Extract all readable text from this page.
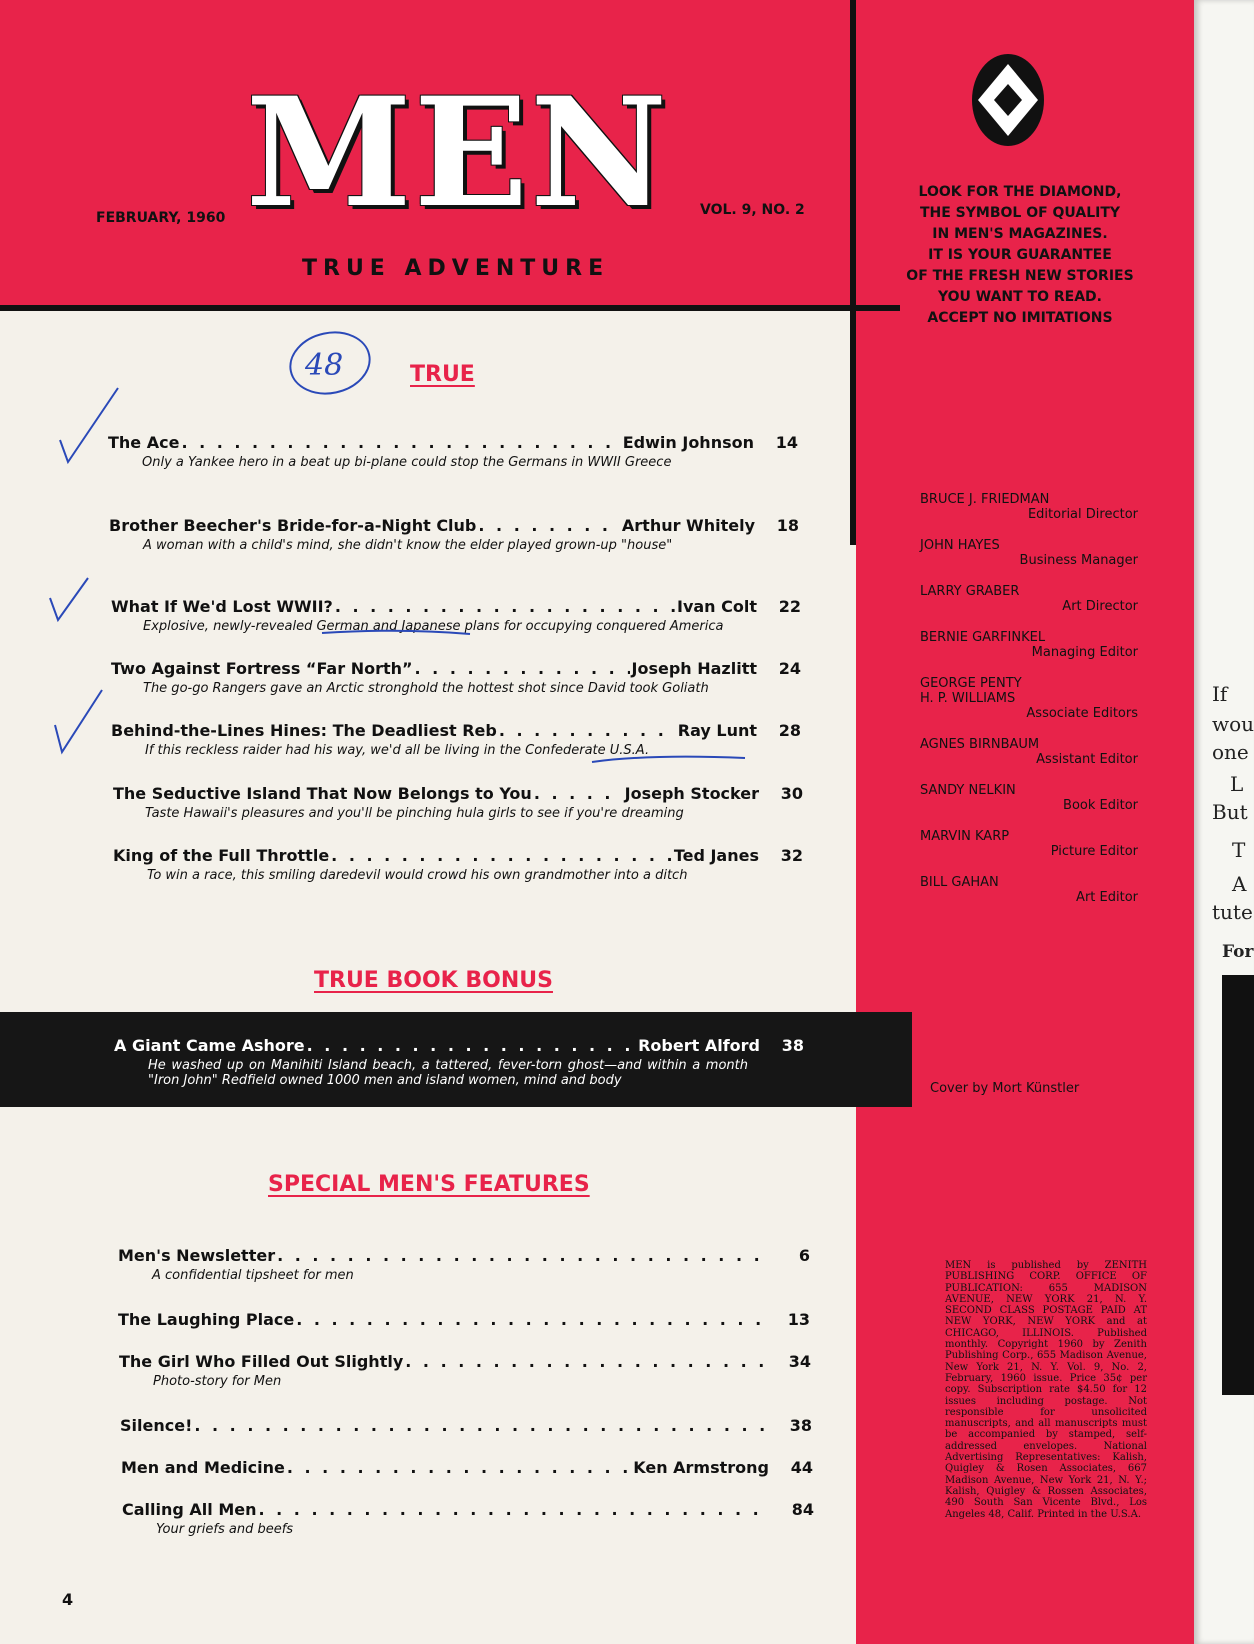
MEN
FEBRUARY, 1960	VOL. 9, NO. 2
TRUE ADVENTURE
LOOK FOR THE DIAMOND,
THE SYMBOL OF QUALITY
IN MEN'S MAGAZINES.
IT IS YOUR GUARANTEE
OF THE FRESH NEW STORIES
YOU WANT TO READ.
ACCEPT NO IMITATIONS
BRUCE J. FRIEDMAN
Editorial Director
JOHN HAYES
Business Manager
LARRY GRABER
Art Director
BERNIE GARFINKEL
Managing Editor
GEORGE PENTY
H. P. WILLIAMS
Associate Editors
AGNES BIRNBAUM
Assistant Editor
SANDY NELKIN
Book Editor
MARVIN KARP
Picture Editor
BILL GAHAN
Art Editor
Cover by Mort Künstler
MEN is published by ZENITH PUBLISHING CORP. OFFICE OF PUBLICATION: 655 MADISON AVENUE, NEW YORK 21, N. Y. SECOND CLASS POSTAGE PAID AT NEW YORK, NEW YORK and at CHICAGO, ILLINOIS. Published monthly. Copyright 1960 by Zenith Publishing Corp., 655 Madison Avenue, New York 21, N. Y. Vol. 9, No. 2, February, 1960 issue. Price 35¢ per copy. Subscription rate $4.50 for 12 issues including postage. Not responsible for unsolicited manuscripts, and all manuscripts must be accompanied by stamped, self-addressed envelopes. National Advertising Representatives: Kalish, Quigley & Rosen Associates, 667 Madison Avenue, New York 21, N. Y.; Kalish, Quigley & Rossen Associates, 490 South San Vicente Blvd., Los Angeles 48, Calif. Printed in the U.S.A.
TRUE
The Ace . . .	Edwin Johnson	14
Only a Yankee hero in a beat up bi-plane could stop the Germans in WWII Greece
Brother Beecher's Bride-for-a-Night Club . . .	Arthur Whitely	18
A woman with a child's mind, she didn't know the elder played grown-up "house"
What If We'd Lost WWII? . . .	Ivan Colt	22
Explosive, newly-revealed German and Japanese plans for occupying conquered America
Two Against Fortress “Far North” . . .	Joseph Hazlitt	24
The go-go Rangers gave an Arctic stronghold the hottest shot since David took Goliath
Behind-the-Lines Hines: The Deadliest Reb . . .	Ray Lunt	28
If this reckless raider had his way, we'd all be living in the Confederate U.S.A.
The Seductive Island That Now Belongs to You . . .	Joseph Stocker	30
Taste Hawaii's pleasures and you'll be pinching hula girls to see if you're dreaming
King of the Full Throttle . . .	Ted Janes	32
To win a race, this smiling daredevil would crowd his own grandmother into a ditch
TRUE BOOK BONUS
A Giant Came Ashore . . .	Robert Alford	38
He washed up on Manihiti Island beach, a tattered, fever-torn ghost—and within a month "Iron John" Redfield owned 1000 men and island women, mind and body
SPECIAL MEN'S FEATURES
Men's Newsletter . . .	6
A confidential tipsheet for men
The Laughing Place . . .	13
The Girl Who Filled Out Slightly . . .	34
Photo-story for Men
Silence! . . .	38
Men and Medicine . . .	Ken Armstrong	44
Calling All Men . . .	84
Your griefs and beefs
4
48
If
wou
one
L
But
T
A
tute
For
